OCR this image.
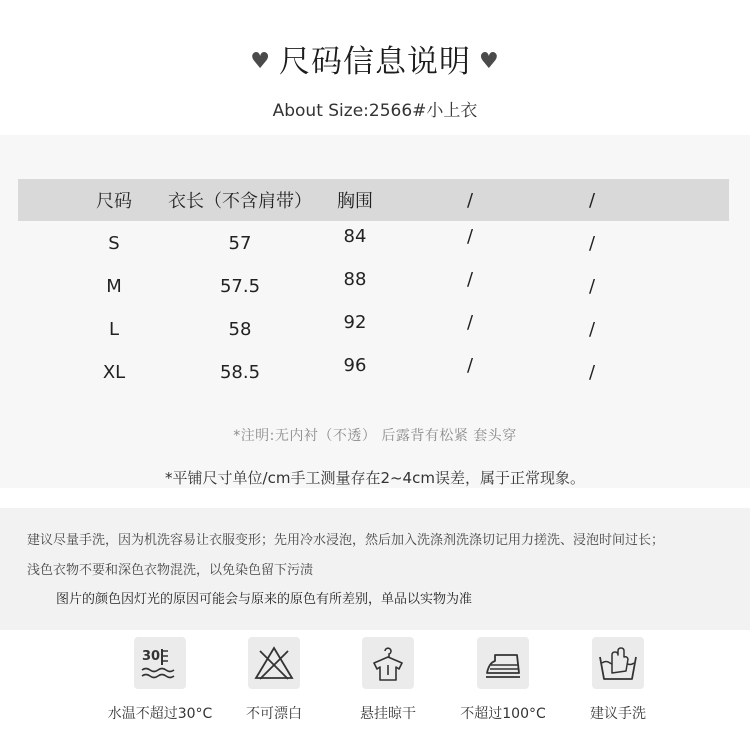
♥ 尺码信息说明 ♥
About Size:2566#小上衣
尺码	衣长（不含肩带）	胸围	/	/
S	57	84	/	/
M	57.5	88	/	/
L	58	92	/	/
XL	58.5	96	/	/
*注明:无内衬（不透） 后露背有松紧 套头穿
*平铺尺寸单位/cm手工测量存在2~4cm误差，属于正常现象。
建议尽量手洗，因为机洗容易让衣服变形；先用冷水浸泡，然后加入洗涤剂洗涤切记用力搓洗、浸泡时间过长；
浅色衣物不要和深色衣物混洗，以免染色留下污渍
图片的颜色因灯光的原因可能会与原来的原色有所差别，单品以实物为准
30
水温不超过30°C	不可漂白	悬挂晾干	不超过100°C	建议手洗
